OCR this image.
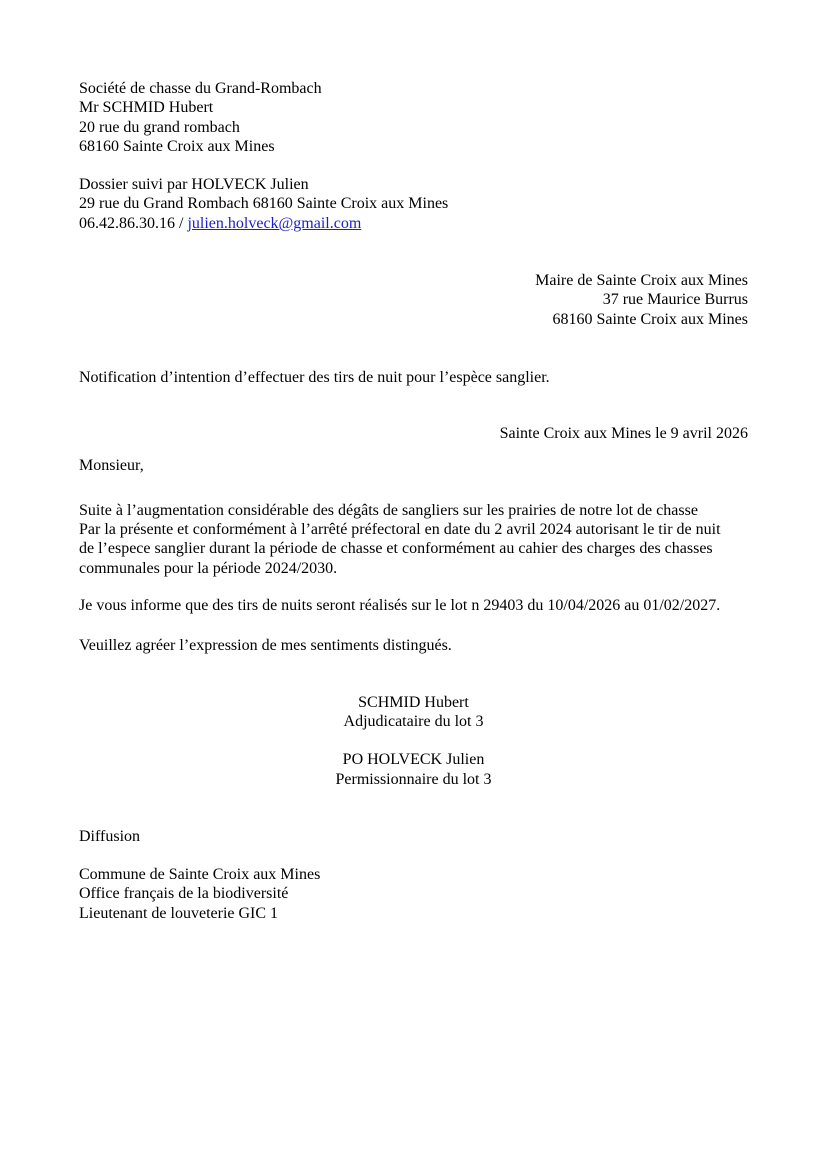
Société de chasse du Grand-Rombach
Mr SCHMID Hubert
20 rue du grand rombach
68160 Sainte Croix aux Mines
Dossier suivi par HOLVECK Julien
29 rue du Grand Rombach 68160 Sainte Croix aux Mines
06.42.86.30.16 / julien.holveck@gmail.com
Maire de Sainte Croix aux Mines
37 rue Maurice Burrus
68160 Sainte Croix aux Mines
Notification d’intention d’effectuer des tirs de nuit pour l’espèce sanglier.
Sainte Croix aux Mines le 9 avril 2026
Monsieur,
Suite à l’augmentation considérable des dégâts de sangliers sur les prairies de notre lot de chasse
Par la présente et conformément à l’arrêté préfectoral en date du 2 avril 2024 autorisant le tir de nuit
de l’espece sanglier durant la période de chasse et conformément au cahier des charges des chasses
communales pour la période 2024/2030.
Je vous informe que des tirs de nuits seront réalisés sur le lot n 29403 du 10/04/2026 au 01/02/2027.
Veuillez agréer l’expression de mes sentiments distingués.
SCHMID Hubert
Adjudicataire du lot 3
PO HOLVECK Julien
Permissionnaire du lot 3
Diffusion
Commune de Sainte Croix aux Mines
Office français de la biodiversité
Lieutenant de louveterie GIC 1
